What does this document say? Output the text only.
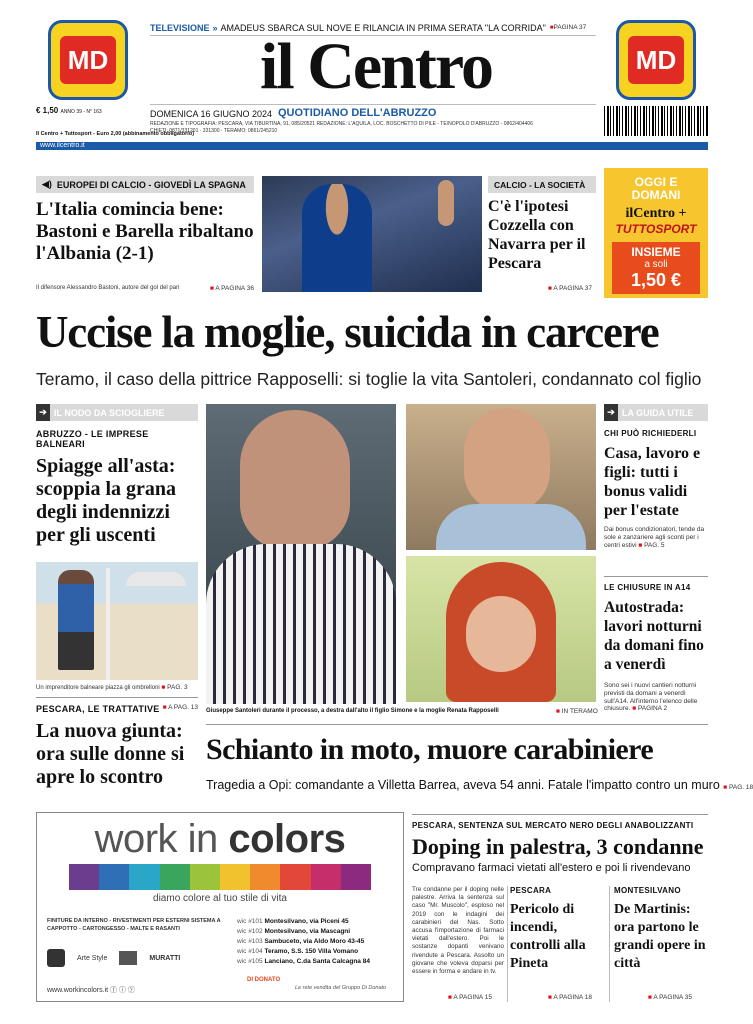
MD	MD
TELEVISIONE » AMADEUS SBARCA SUL NOVE E RILANCIA IN PRIMA SERATA "LA CORRIDA" ■ PAGINA 37
il Centro
DOMENICA 16 GIUGNO 2024 QUOTIDIANO DELL'ABRUZZO
REDAZIONE E TIPOGRAFIA: PESCARA, VIA TIBURTINA, 91, 085/20521 REDAZIONE: L'AQUILA, LOC. BOSCHETTO DI PILE - TE/NOPOLO D'ABRUZZO - 0862/404406
CHIETI: 0871/331201 · 331300 · TERAMO: 0861/245210
€ 1,50 ANNO 39 - N° 163
Il Centro + Tuttosport - Euro 2,00 (abbinamento obbligatorio)
www.ilcentro.it
◀) EUROPEI DI CALCIO - GIOVEDÌ LA SPAGNA
L'Italia comincia bene: Bastoni e Barella ribaltano l'Albania (2-1)
Il difensore Alessandro Bastoni, autore del gol del pari	■ A PAGINA 36
CALCIO - LA SOCIETÀ
C'è l'ipotesi Cozzella con Navarra per il Pescara
■ A PAGINA 37
OGGI E DOMANI
ilCentro +
TUTTOSPORT
INSIEME
a soli
1,50 €
Uccise la moglie, suicida in carcere
Teramo, il caso della pittrice Rapposelli: si toglie la vita Santoleri, condannato col figlio
➔ IL NODO DA SCIOGLIERE
ABRUZZO - LE IMPRESE BALNEARI
Spiagge all'asta: scoppia la grana degli indennizzi per gli uscenti
Un imprenditore balneare piazza gli ombrelloni ■ PAG. 3
PESCARA, LE TRATTATIVE ■ A PAG. 13
La nuova giunta: ora sulle donne si apre lo scontro
Giuseppe Santoleri durante il processo, a destra dall'alto il figlio Simone e la moglie Renata Rapposelli	■ IN TERAMO
➔ LA GUIDA UTILE
CHI PUÒ RICHIEDERLI
Casa, lavoro e figli: tutti i bonus validi per l'estate
Dai bonus condizionatori, tende da sole e zanzariere agli sconti per i centri estivi ■ PAG. 5
LE CHIUSURE IN A14
Autostrada: lavori notturni da domani fino a venerdì
Sono sei i nuovi cantieri notturni previsti da domani a venerdì sull'A14. All'interno l'elenco delle chiusure. ■ PAGINA 2
Schianto in moto, muore carabiniere
Tragedia a Opi: comandante a Villetta Barrea, aveva 54 anni. Fatale l'impatto contro un muro ■ PAG. 18
work in colors
diamo colore al tuo stile di vita
FINITURE DA INTERNO - RIVESTIMENTI PER ESTERNI SISTEMA A CAPPOTTO - CARTONGESSO - MALTE E RASANTI
wic #101 Montesilvano, via Piceni 45
wic #102 Montesilvano, via Mascagni
wic #103 Sambuceto, via Aldo Moro 43-45
wic #104 Teramo, S.S. 150 Villa Vomano
wic #105 Lanciano, C.da Santa Calcagna 84
Arte Style	MURATTI
www.workincolors.it ⓕ ⓘ ⓨ
DI DONATO
Le rete vendita del Gruppo Di Donato
PESCARA, SENTENZA SUL MERCATO NERO DEGLI ANABOLIZZANTI
Doping in palestra, 3 condanne
Compravano farmaci vietati all'estero e poi li rivendevano
Tre condanne per il doping nelle palestre. Arriva la sentenza sul caso "Mr. Muscolo", esploso nel 2019 con le indagini dei carabinieri del Nas. Sotto accusa l'importazione di farmaci vietati dall'estero. Poi le sostanze dopanti venivano rivendute a Pescara. Assolto un giovane che voleva doparsi per essere in forma e andare in tv.
■ A PAGINA 15
PESCARA
Pericolo di incendi, controlli alla Pineta
■ A PAGINA 18
MONTESILVANO
De Martinis: ora partono le grandi opere in città
■ A PAGINA 35
